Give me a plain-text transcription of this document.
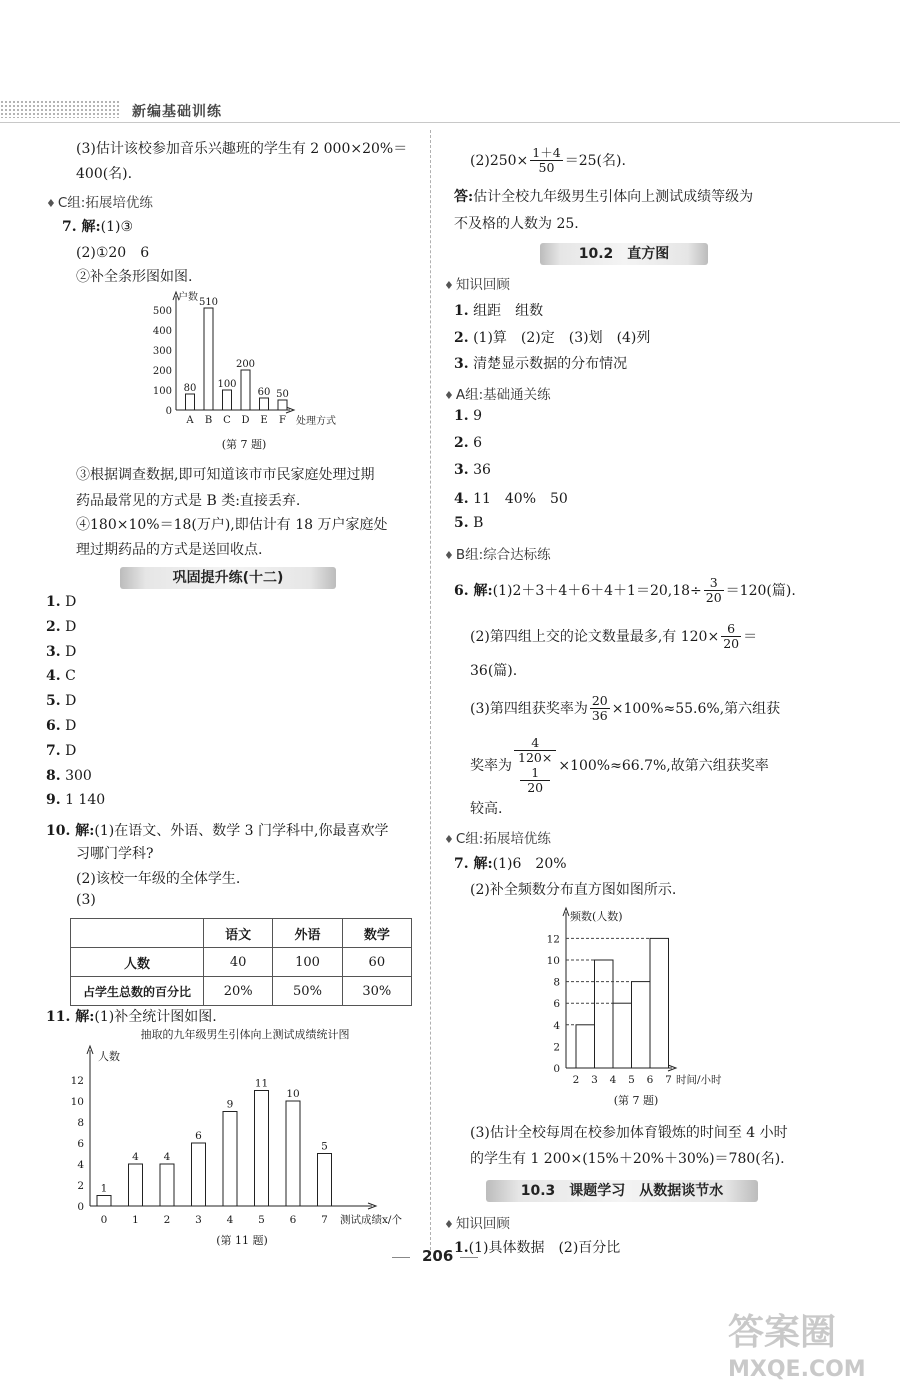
新编基础训练
(3)估计该校参加音乐兴趣班的学生有 2 000×20%＝
400(名).
♦ C组:拓展培优练
7. 解:(1)③
(2)①20　6
②补全条形图如图.
户数
处理方式
0
100
200
300
400
500
80
A
510
B
100
C
200
D
60
E
50
F
(第 7 题)
③根据调查数据,即可知道该市市民家庭处理过期
药品最常见的方式是 B 类:直接丢弃.
④180×10%＝18(万户),即估计有 18 万户家庭处
理过期药品的方式是送回收点.
巩固提升练(十二)
1. D
2. D
3. D
4. C
5. D
6. D
7. D
8. 300
9. 1 140
10. 解:(1)在语文、外语、数学 3 门学科中,你最喜欢学
习哪门学科?
(2)该校一年级的全体学生.
(3)
	语文	外语	数学
人数	40	100	60
占学生总数的百分比	20%	50%	30%
11. 解:(1)补全统计图如图.
抽取的九年级男生引体向上测试成绩统计图
人数
测试成绩x/个
0
2
4
6
8
10
12
1
0
4
1
4
2
6
3
9
4
11
5
10
6
5
7
(第 11 题)
$(2)250\times \frac{1+4}{50} =25$(名).
答:估计全校九年级男生引体向上测试成绩等级为
不及格的人数为 25.
10.2　直方图
♦ 知识回顾
1. 组距　组数
2. (1)算　(2)定　(3)划　(4)列
3. 清楚显示数据的分布情况
♦ A组:基础通关练
1. 9
2. 6
3. 36
4. 11　40%　50
5. B
♦ B组:综合达标练
6. 解:(1)2＋3＋4＋6＋4＋1＝20,18÷ $\frac{3}{20} =120$(篇).
(2)第四组上交的论文数量最多,有 $120\times \frac{6}{20}$ ＝
36(篇).
(3)第四组获奖率为 $\frac{20}{36} \times 100\%\approx 55.6\%$,第六组获
奖率为 4
120×
1
20 ×100%≈66.7%,故第六组获奖率
较高.
♦ C组:拓展培优练
7. 解:(1)6　20%
(2)补全频数分布直方图如图所示.
频数(人数)
时间/小时
0
2
4
6
8
10
12
2 3 4 5 6 7
(第 7 题)
(3)估计全校每周在校参加体育锻炼的时间至 4 小时
的学生有 1 200×(15%＋20%＋30%)＝780(名).
10.3　课题学习　从数据谈节水
♦ 知识回顾
1.(1)具体数据　(2)百分比
206
答案圈
MXQE.COM
